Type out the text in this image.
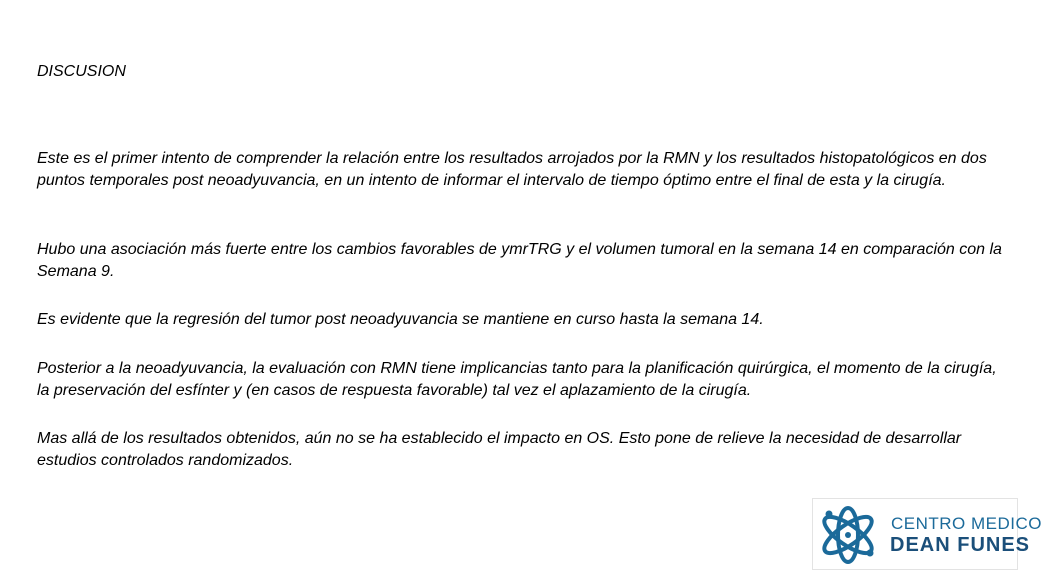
DISCUSION

Este es el primer intento de comprender la relación entre los resultados arrojados por la RMN y los resultados histopatológicos en dos puntos temporales post neoadyuvancia, en un intento de informar el intervalo de tiempo óptimo entre el final de esta y la cirugía.

Hubo una asociación más fuerte entre los cambios favorables de ymrTRG y el volumen tumoral en la semana 14 en comparación con la Semana 9.

Es evidente que la regresión del tumor post neoadyuvancia se mantiene en curso hasta la semana 14.

Posterior a la neoadyuvancia, la evaluación con RMN tiene implicancias tanto para la planificación quirúrgica, el momento de la cirugía, la preservación del esfínter y (en casos de respuesta favorable) tal vez el aplazamiento de la cirugía.

Mas allá de los resultados obtenidos, aún no se ha establecido el impacto en OS. Esto pone de relieve la necesidad de desarrollar estudios controlados randomizados.

CENTRO MEDICO
DEAN FUNES
